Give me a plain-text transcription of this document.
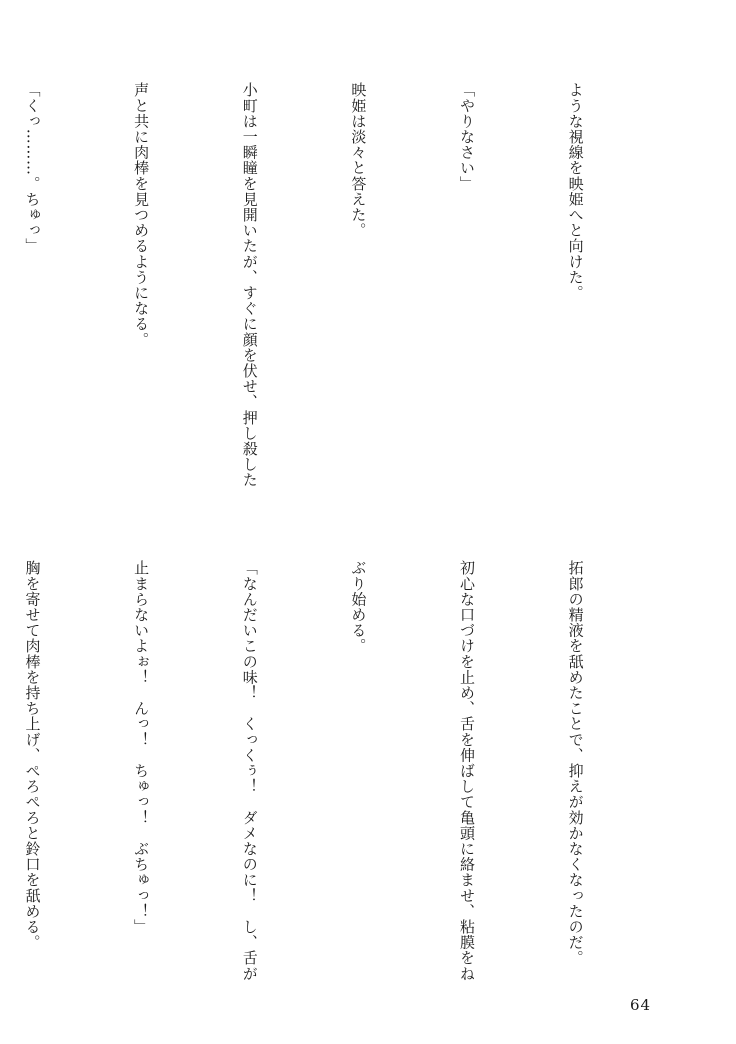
ような視線を映姫へと向けた。

「やりなさい」

映姫は淡々と答えた。

小町は一瞬瞳を見開いたが、すぐに顔を伏せ、押し殺した

声と共に肉棒を見つめるようになる。

「くっ………。ちゅっ」

拓郎の精液を舐めたことで、抑えが効かなくなったのだ。

初心な口づけを止め、舌を伸ばして亀頭に絡ませ、粘膜をね

ぶり始める。

「なんだいこの味！　くっくぅ！　ダメなのに！　し、舌が

止まらないよぉ！　んっ！　ちゅっ！　ぶちゅっ！」

胸を寄せて肉棒を持ち上げ、ぺろぺろと鈴口を舐める。

64
